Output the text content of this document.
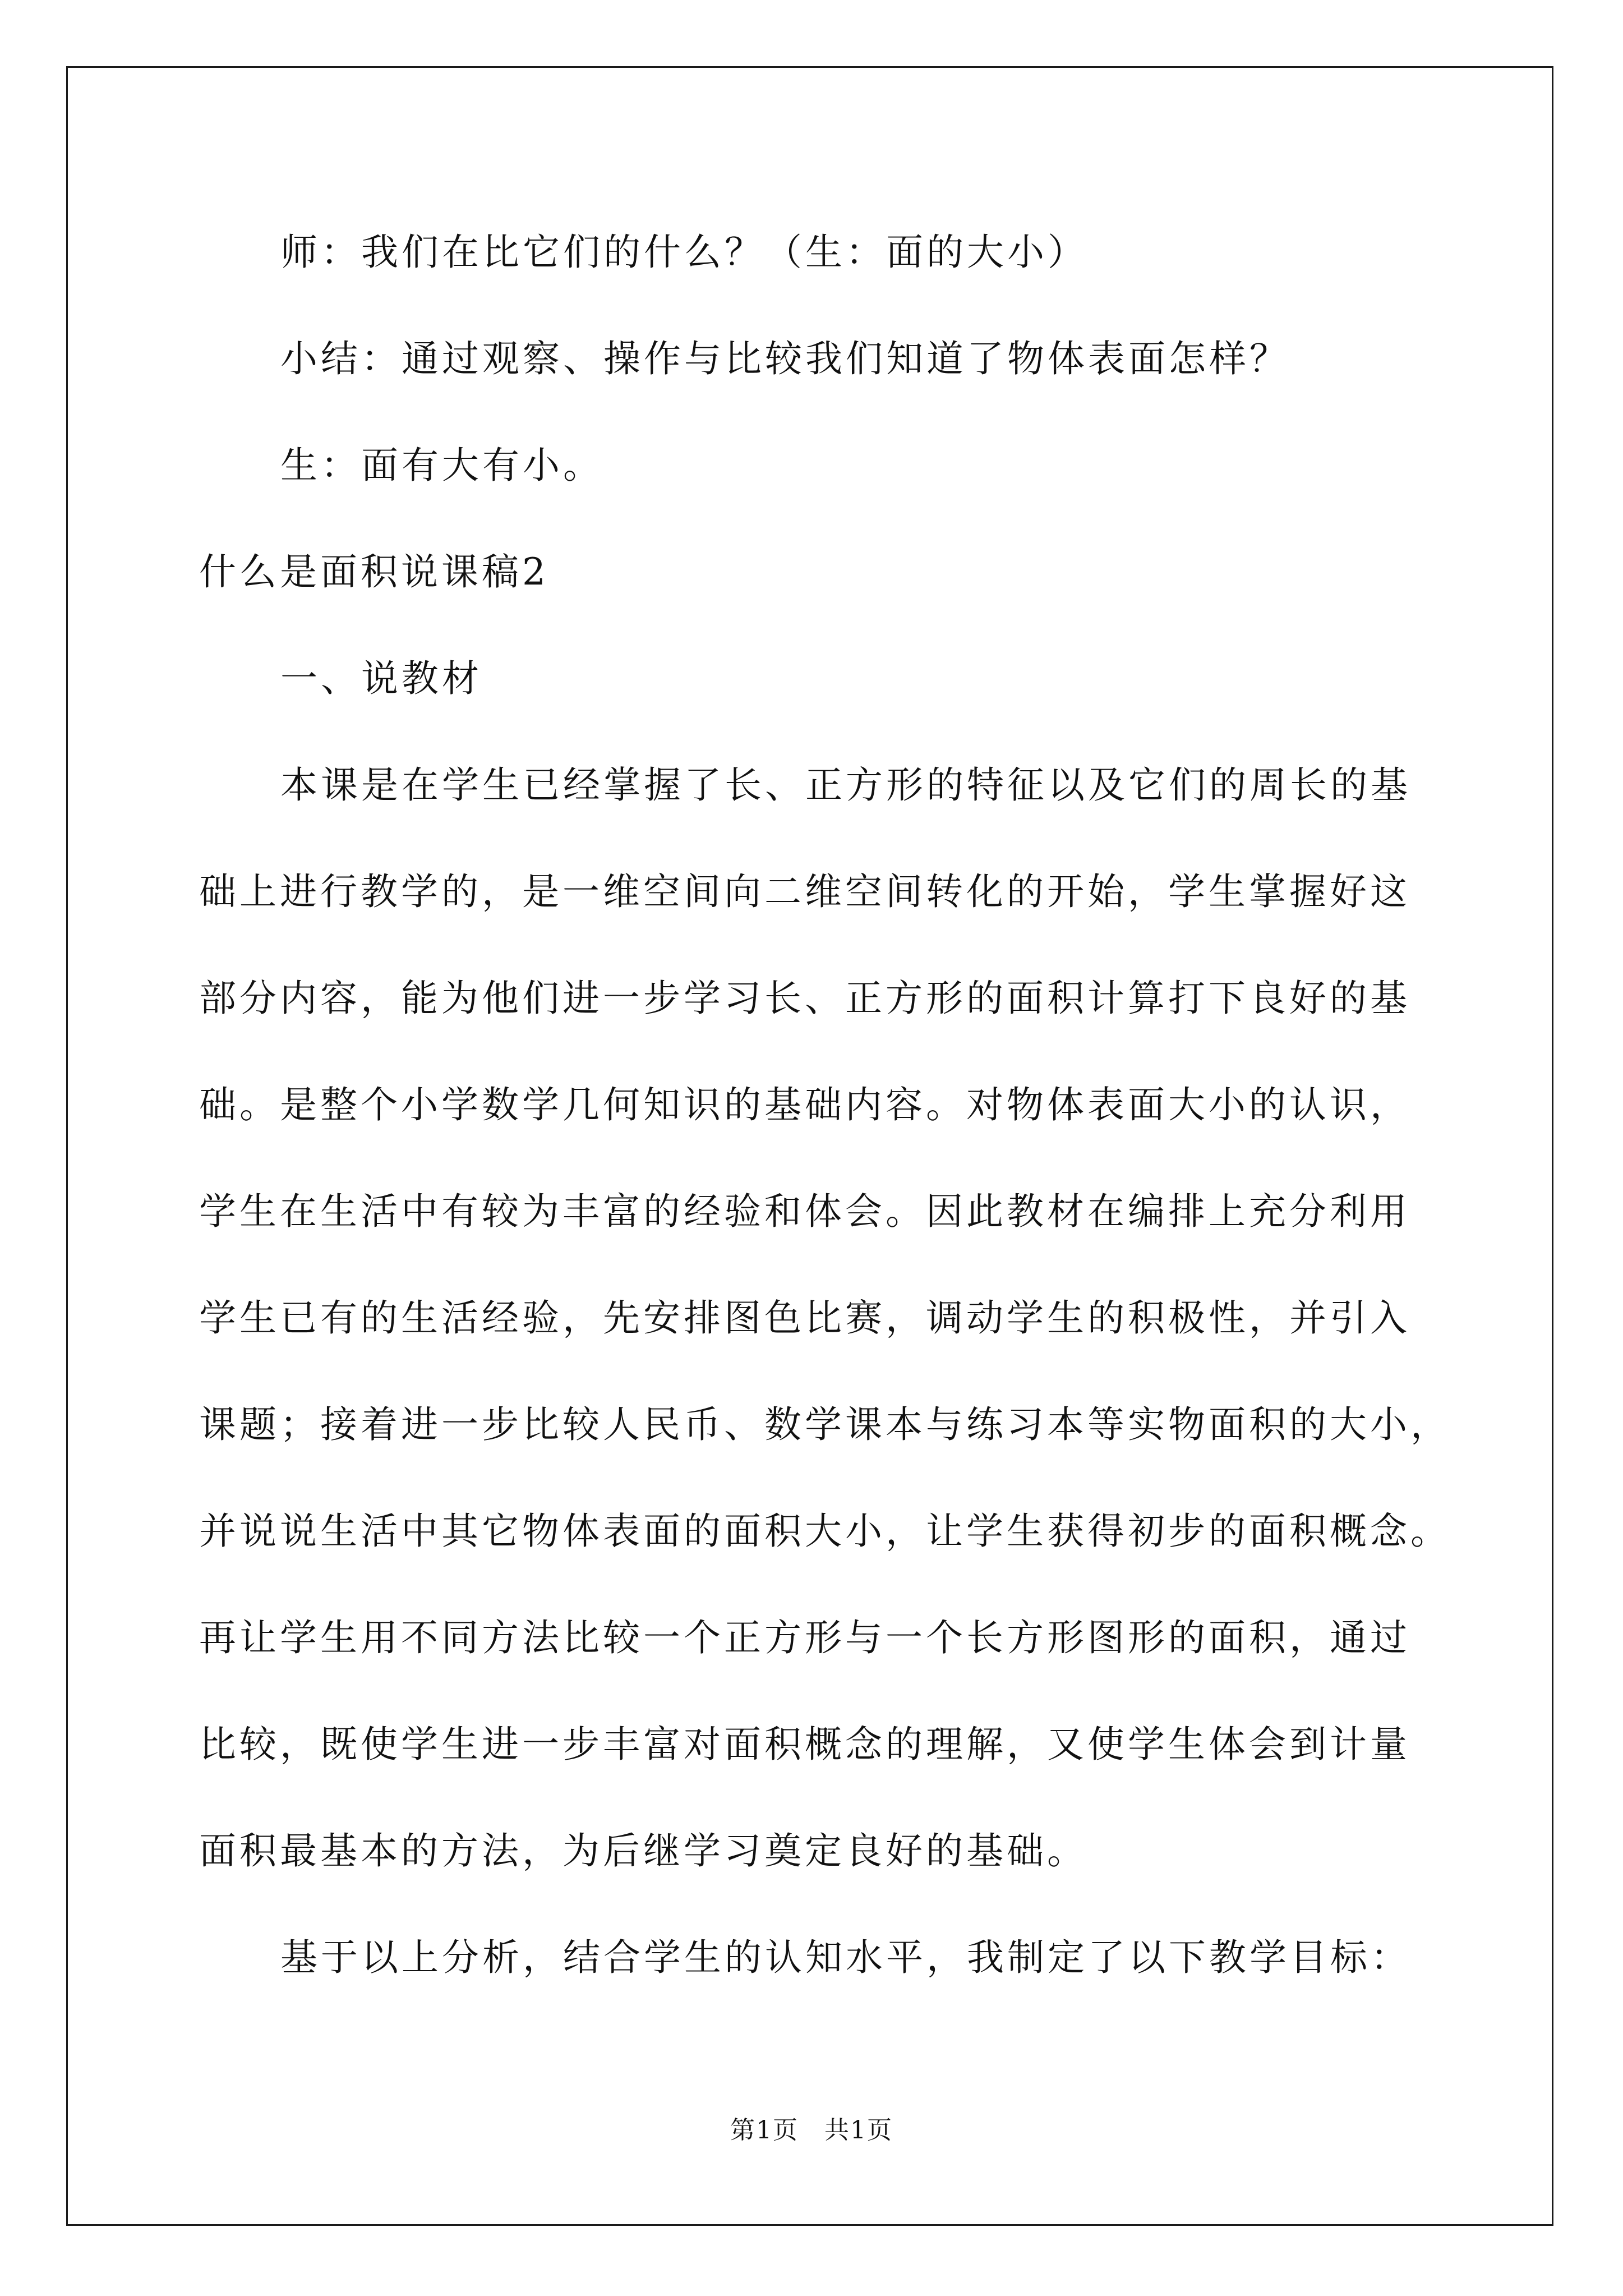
师：我们在比它们的什么？（生：面的大小）
小结：通过观察、操作与比较我们知道了物体表面怎样？
生：面有大有小。
什么是面积说课稿2
一、说教材
本课是在学生已经掌握了长、正方形的特征以及它们的周长的基
础上进行教学的，是一维空间向二维空间转化的开始，学生掌握好这
部分内容，能为他们进一步学习长、正方形的面积计算打下良好的基
础。是整个小学数学几何知识的基础内容。对物体表面大小的认识，
学生在生活中有较为丰富的经验和体会。因此教材在编排上充分利用
学生已有的生活经验，先安排图色比赛，调动学生的积极性，并引入
课题；接着进一步比较人民币、数学课本与练习本等实物面积的大小，
并说说生活中其它物体表面的面积大小，让学生获得初步的面积概念。
再让学生用不同方法比较一个正方形与一个长方形图形的面积，通过
比较，既使学生进一步丰富对面积概念的理解，又使学生体会到计量
面积最基本的方法，为后继学习奠定良好的基础。
基于以上分析，结合学生的认知水平，我制定了以下教学目标：
第1页　共1页
